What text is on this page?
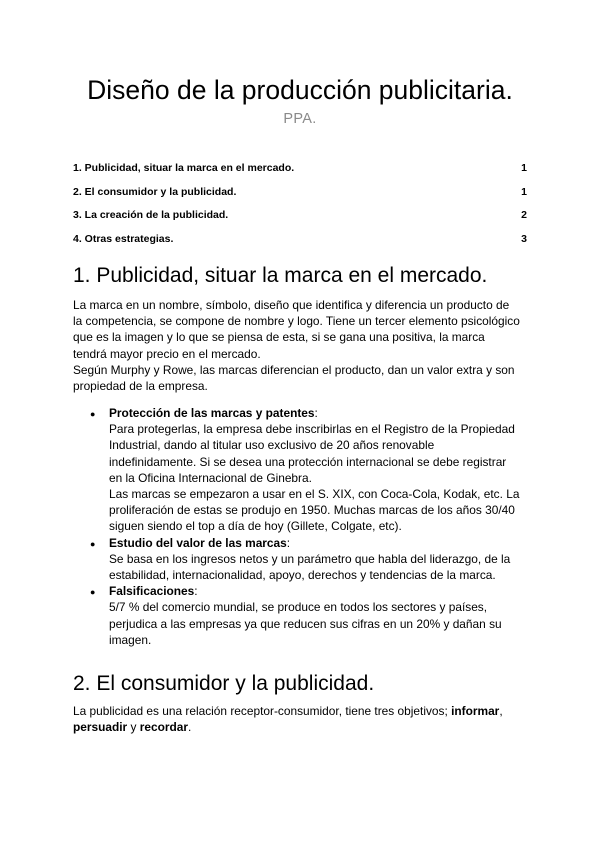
Diseño de la producción publicitaria.
PPA.
1. Publicidad, situar la marca en el mercado.	1
2. El consumidor y la publicidad.	1
3. La creación de la publicidad.	2
4. Otras estrategias.	3
1. Publicidad, situar la marca en el mercado.
La marca en un nombre, símbolo, diseño que identifica y diferencia un producto de
la competencia, se compone de nombre y logo. Tiene un tercer elemento psicológico
que es la imagen y lo que se piensa de esta, si se gana una positiva, la marca
tendrá mayor precio en el mercado.
Según Murphy y Rowe, las marcas diferencian el producto, dan un valor extra y son
propiedad de la empresa.
● Protección de las marcas y patentes:
Para protegerlas, la empresa debe inscribirlas en el Registro de la Propiedad
Industrial, dando al titular uso exclusivo de 20 años renovable
indefinidamente. Si se desea una protección internacional se debe registrar
en la Oficina Internacional de Ginebra.
Las marcas se empezaron a usar en el S. XIX, con Coca-Cola, Kodak, etc. La
proliferación de estas se produjo en 1950. Muchas marcas de los años 30/40
siguen siendo el top a día de hoy (Gillete, Colgate, etc).
● Estudio del valor de las marcas:
Se basa en los ingresos netos y un parámetro que habla del liderazgo, de la
estabilidad, internacionalidad, apoyo, derechos y tendencias de la marca.
● Falsificaciones:
5/7 % del comercio mundial, se produce en todos los sectores y países,
perjudica a las empresas ya que reducen sus cifras en un 20% y dañan su
imagen.
2. El consumidor y la publicidad.
La publicidad es una relación receptor-consumidor, tiene tres objetivos; informar,
persuadir y recordar.
